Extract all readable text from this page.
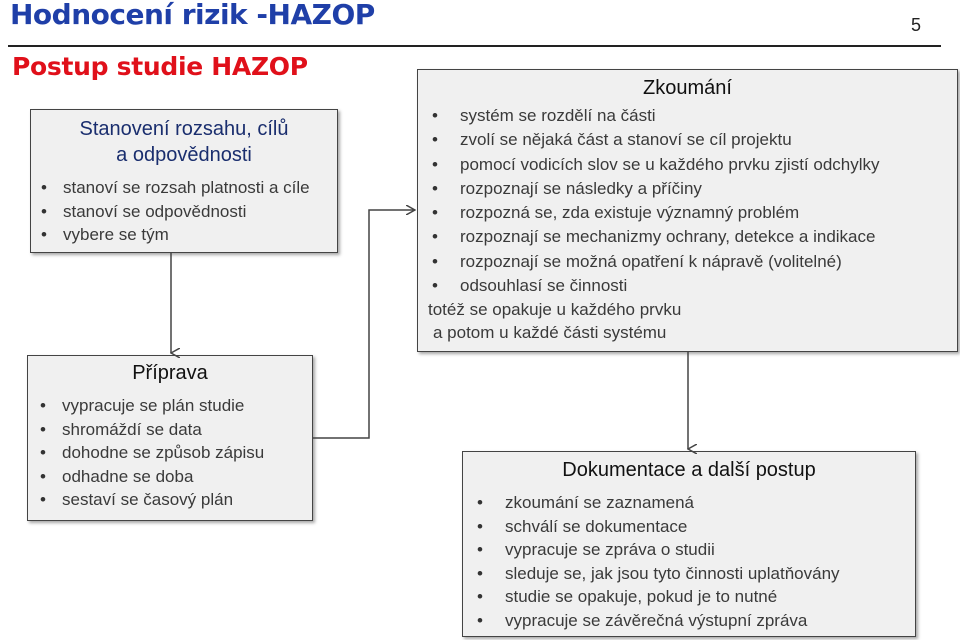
Hodnocení rizik -HAZOP	5
Postup studie HAZOP
Stanovení rozsahu, cílů
a odpovědnosti
• stanoví se rozsah platnosti a cíle
• stanoví se odpovědnosti
• vybere se tým
Příprava
• vypracuje se plán studie
• shromáždí se data
• dohodne se způsob zápisu
• odhadne se doba
• sestaví se časový plán
Zkoumání
• systém se rozdělí na části
• zvolí se nějaká část a stanoví se cíl projektu
• pomocí vodicích slov se u každého prvku zjistí odchylky
• rozpoznají se následky a příčiny
• rozpozná se, zda existuje významný problém
• rozpoznají se mechanizmy ochrany, detekce a indikace
• rozpoznají se možná opatření k nápravě (volitelné)
• odsouhlasí se činnosti
totéž se opakuje u každého prvku
a potom u každé části systému
Dokumentace a další postup
• zkoumání se zaznamená
• schválí se dokumentace
• vypracuje se zpráva o studii
• sleduje se, jak jsou tyto činnosti uplatňovány
• studie se opakuje, pokud je to nutné
• vypracuje se závěrečná výstupní zpráva
